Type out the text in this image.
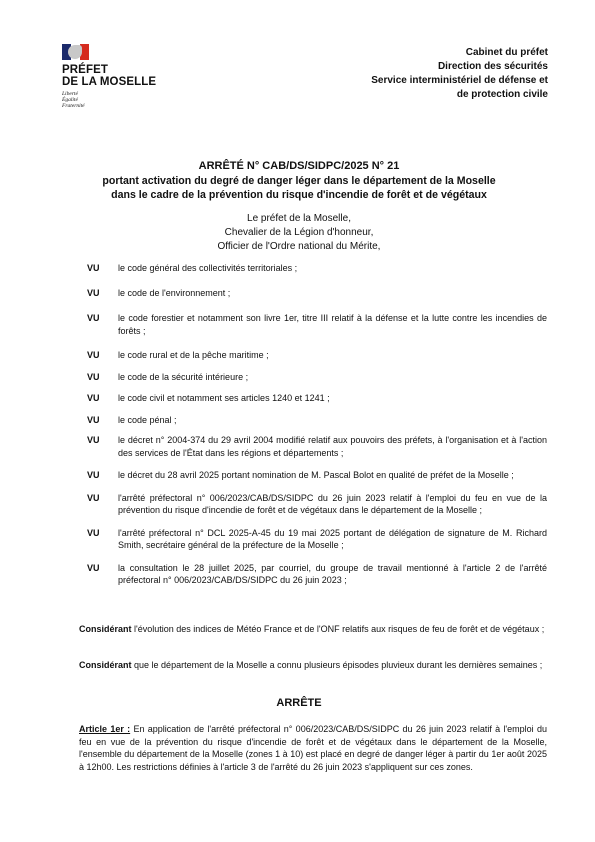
PRÉFET
DE LA MOSELLE
Liberté
Égalité
Fraternité
Cabinet du préfet
Direction des sécurités
Service interministériel de défense et
de protection civile
ARRÊTÉ N° CAB/DS/SIDPC/2025 N° 21
portant activation du degré de danger léger dans le département de la Moselle
dans le cadre de la prévention du risque d'incendie de forêt et de végétaux
Le préfet de la Moselle,
Chevalier de la Légion d'honneur,
Officier de l'Ordre national du Mérite,
VU	le code général des collectivités territoriales ;
VU	le code de l'environnement ;
VU	le code forestier et notamment son livre 1er, titre III relatif à la défense et la lutte contre les incendies de forêts ;
VU	le code rural et de la pêche maritime ;
VU	le code de la sécurité intérieure ;
VU	le code civil et notamment ses articles 1240 et 1241 ;
VU	le code pénal ;
VU	le décret n° 2004-374 du 29 avril 2004 modifié relatif aux pouvoirs des préfets, à l'organisation et à l'action des services de l'État dans les régions et départements ;
VU	le décret du 28 avril 2025 portant nomination de M. Pascal Bolot en qualité de préfet de la Moselle ;
VU	l'arrêté préfectoral n° 006/2023/CAB/DS/SIDPC du 26 juin 2023 relatif à l'emploi du feu en vue de la prévention du risque d'incendie de forêt et de végétaux dans le département de la Moselle ;
VU	l'arrêté préfectoral n° DCL 2025-A-45 du 19 mai 2025 portant de délégation de signature de M. Richard Smith, secrétaire général de la préfecture de la Moselle ;
VU	la consultation le 28 juillet 2025, par courriel, du groupe de travail mentionné à l'article 2 de l'arrêté préfectoral n° 006/2023/CAB/DS/SIDPC du 26 juin 2023 ;
Considérant l'évolution des indices de Météo France et de l'ONF relatifs aux risques de feu de forêt et de végétaux ;
Considérant que le département de la Moselle a connu plusieurs épisodes pluvieux durant les dernières semaines ;
ARRÊTE
Article 1er : En application de l'arrêté préfectoral n° 006/2023/CAB/DS/SIDPC du 26 juin 2023 relatif à l'emploi du feu en vue de la prévention du risque d'incendie de forêt et de végétaux dans le département de la Moselle, l'ensemble du département de la Moselle (zones 1 à 10) est placé en degré de danger léger à partir du 1er août 2025 à 12h00. Les restrictions définies à l'article 3 de l'arrêté du 26 juin 2023 s'appliquent sur ces zones.
